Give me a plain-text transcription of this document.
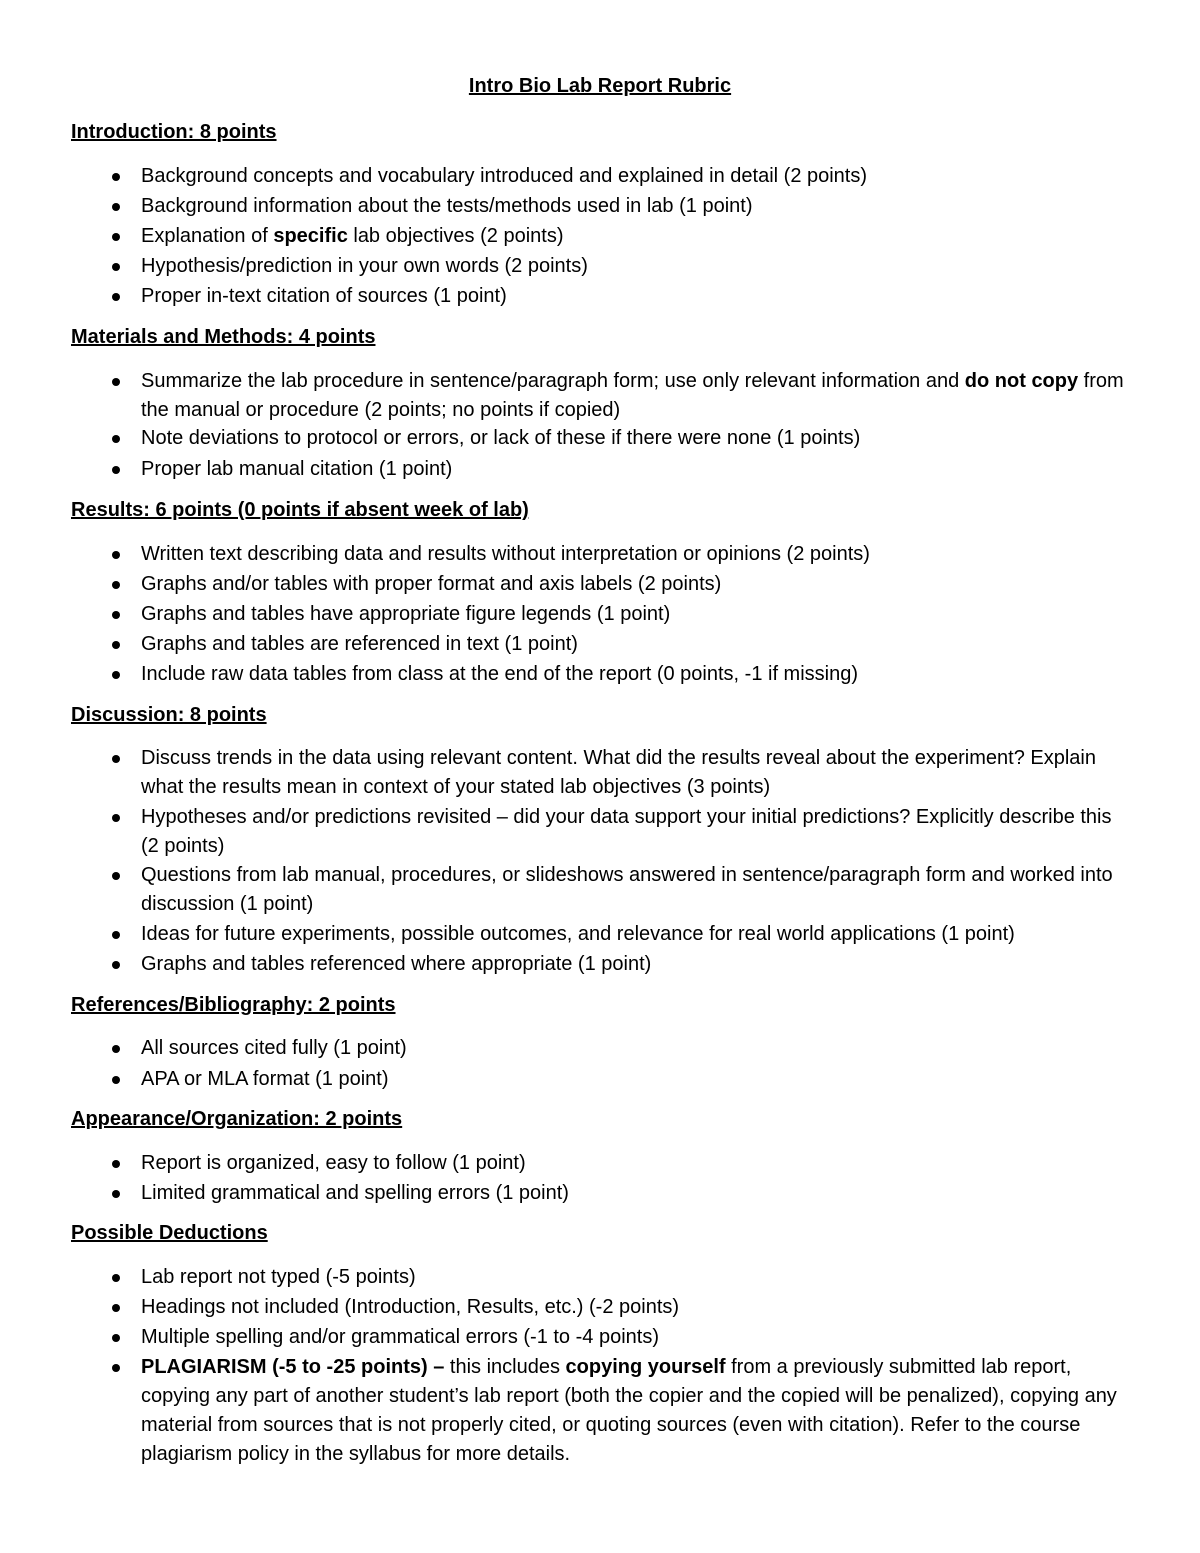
Intro Bio Lab Report Rubric
Introduction: 8 points
Background concepts and vocabulary introduced and explained in detail (2 points)
Background information about the tests/methods used in lab (1 point)
Explanation of specific lab objectives (2 points)
Hypothesis/prediction in your own words (2 points)
Proper in-text citation of sources (1 point)
Materials and Methods: 4 points
Summarize the lab procedure in sentence/paragraph form; use only relevant information and do not copy from the manual or procedure (2 points; no points if copied)
Note deviations to protocol or errors, or lack of these if there were none (1 points)
Proper lab manual citation (1 point)
Results: 6 points (0 points if absent week of lab)
Written text describing data and results without interpretation or opinions (2 points)
Graphs and/or tables with proper format and axis labels (2 points)
Graphs and tables have appropriate figure legends (1 point)
Graphs and tables are referenced in text (1 point)
Include raw data tables from class at the end of the report (0 points, -1 if missing)
Discussion: 8 points
Discuss trends in the data using relevant content. What did the results reveal about the experiment? Explain what the results mean in context of your stated lab objectives (3 points)
Hypotheses and/or predictions revisited – did your data support your initial predictions? Explicitly describe this (2 points)
Questions from lab manual, procedures, or slideshows answered in sentence/paragraph form and worked into discussion (1 point)
Ideas for future experiments, possible outcomes, and relevance for real world applications (1 point)
Graphs and tables referenced where appropriate (1 point)
References/Bibliography: 2 points
All sources cited fully (1 point)
APA or MLA format (1 point)
Appearance/Organization: 2 points
Report is organized, easy to follow (1 point)
Limited grammatical and spelling errors (1 point)
Possible Deductions
Lab report not typed (-5 points)
Headings not included (Introduction, Results, etc.) (-2 points)
Multiple spelling and/or grammatical errors (-1 to -4 points)
PLAGIARISM (-5 to -25 points) – this includes copying yourself from a previously submitted lab report, copying any part of another student’s lab report (both the copier and the copied will be penalized), copying any material from sources that is not properly cited, or quoting sources (even with citation). Refer to the course plagiarism policy in the syllabus for more details.
